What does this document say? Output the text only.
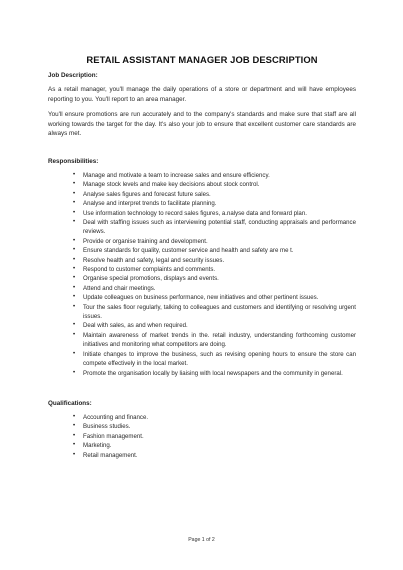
RETAIL ASSISTANT MANAGER JOB DESCRIPTION
Job Description:

As a retail manager, you'll manage the daily operations of a store or department and will have employees reporting to you. You'll report to an area manager.

You'll ensure promotions are run accurately and to the company's standards and make sure that staff are all working towards the target for the day. It's also your job to ensure that excellent customer care standards are always met.

Responsibilities:
• Manage and motivate a team to increase sales and ensure efficiency.
• Manage stock levels and make key decisions about stock control.
• Analyse sales figures and forecast future sales.
• Analyse and interpret trends to facilitate planning.
• Use information technology to record sales figures, a.nalyse data and forward plan.
• Deal with staffing issues such as interviewing potential staff, conducting appraisals and performance reviews.
• Provide or organise training and development.
• Ensure standards for quality, customer service and health and safety are me t.
• Resolve health and safety, legal and security issues.
• Respond to customer complaints and comments.
• Organise special promotions, displays and events.
• Attend and chair meetings.
• Update colleagues on business performance, new initiatives and other pertinent issues.
• Tour the sales floor regularly, talking to colleagues and customers and identifying or resolving urgent issues.
• Deal with sales, as and when required.
• Maintain awareness of market trends in the. retail industry, understanding forthcoming customer initiatives and monitoring what competitors are doing.
• Initiate changes to improve the business, such as revising opening hours to ensure the store can compete effectively in the local market.
• Promote the organisation locally by liaising with local newspapers and the community in general.
Qualifications:
• Accounting and finance.
• Business studies.
• Fashion management.
• Marketing.
• Retail management.
Page 1 of 2
